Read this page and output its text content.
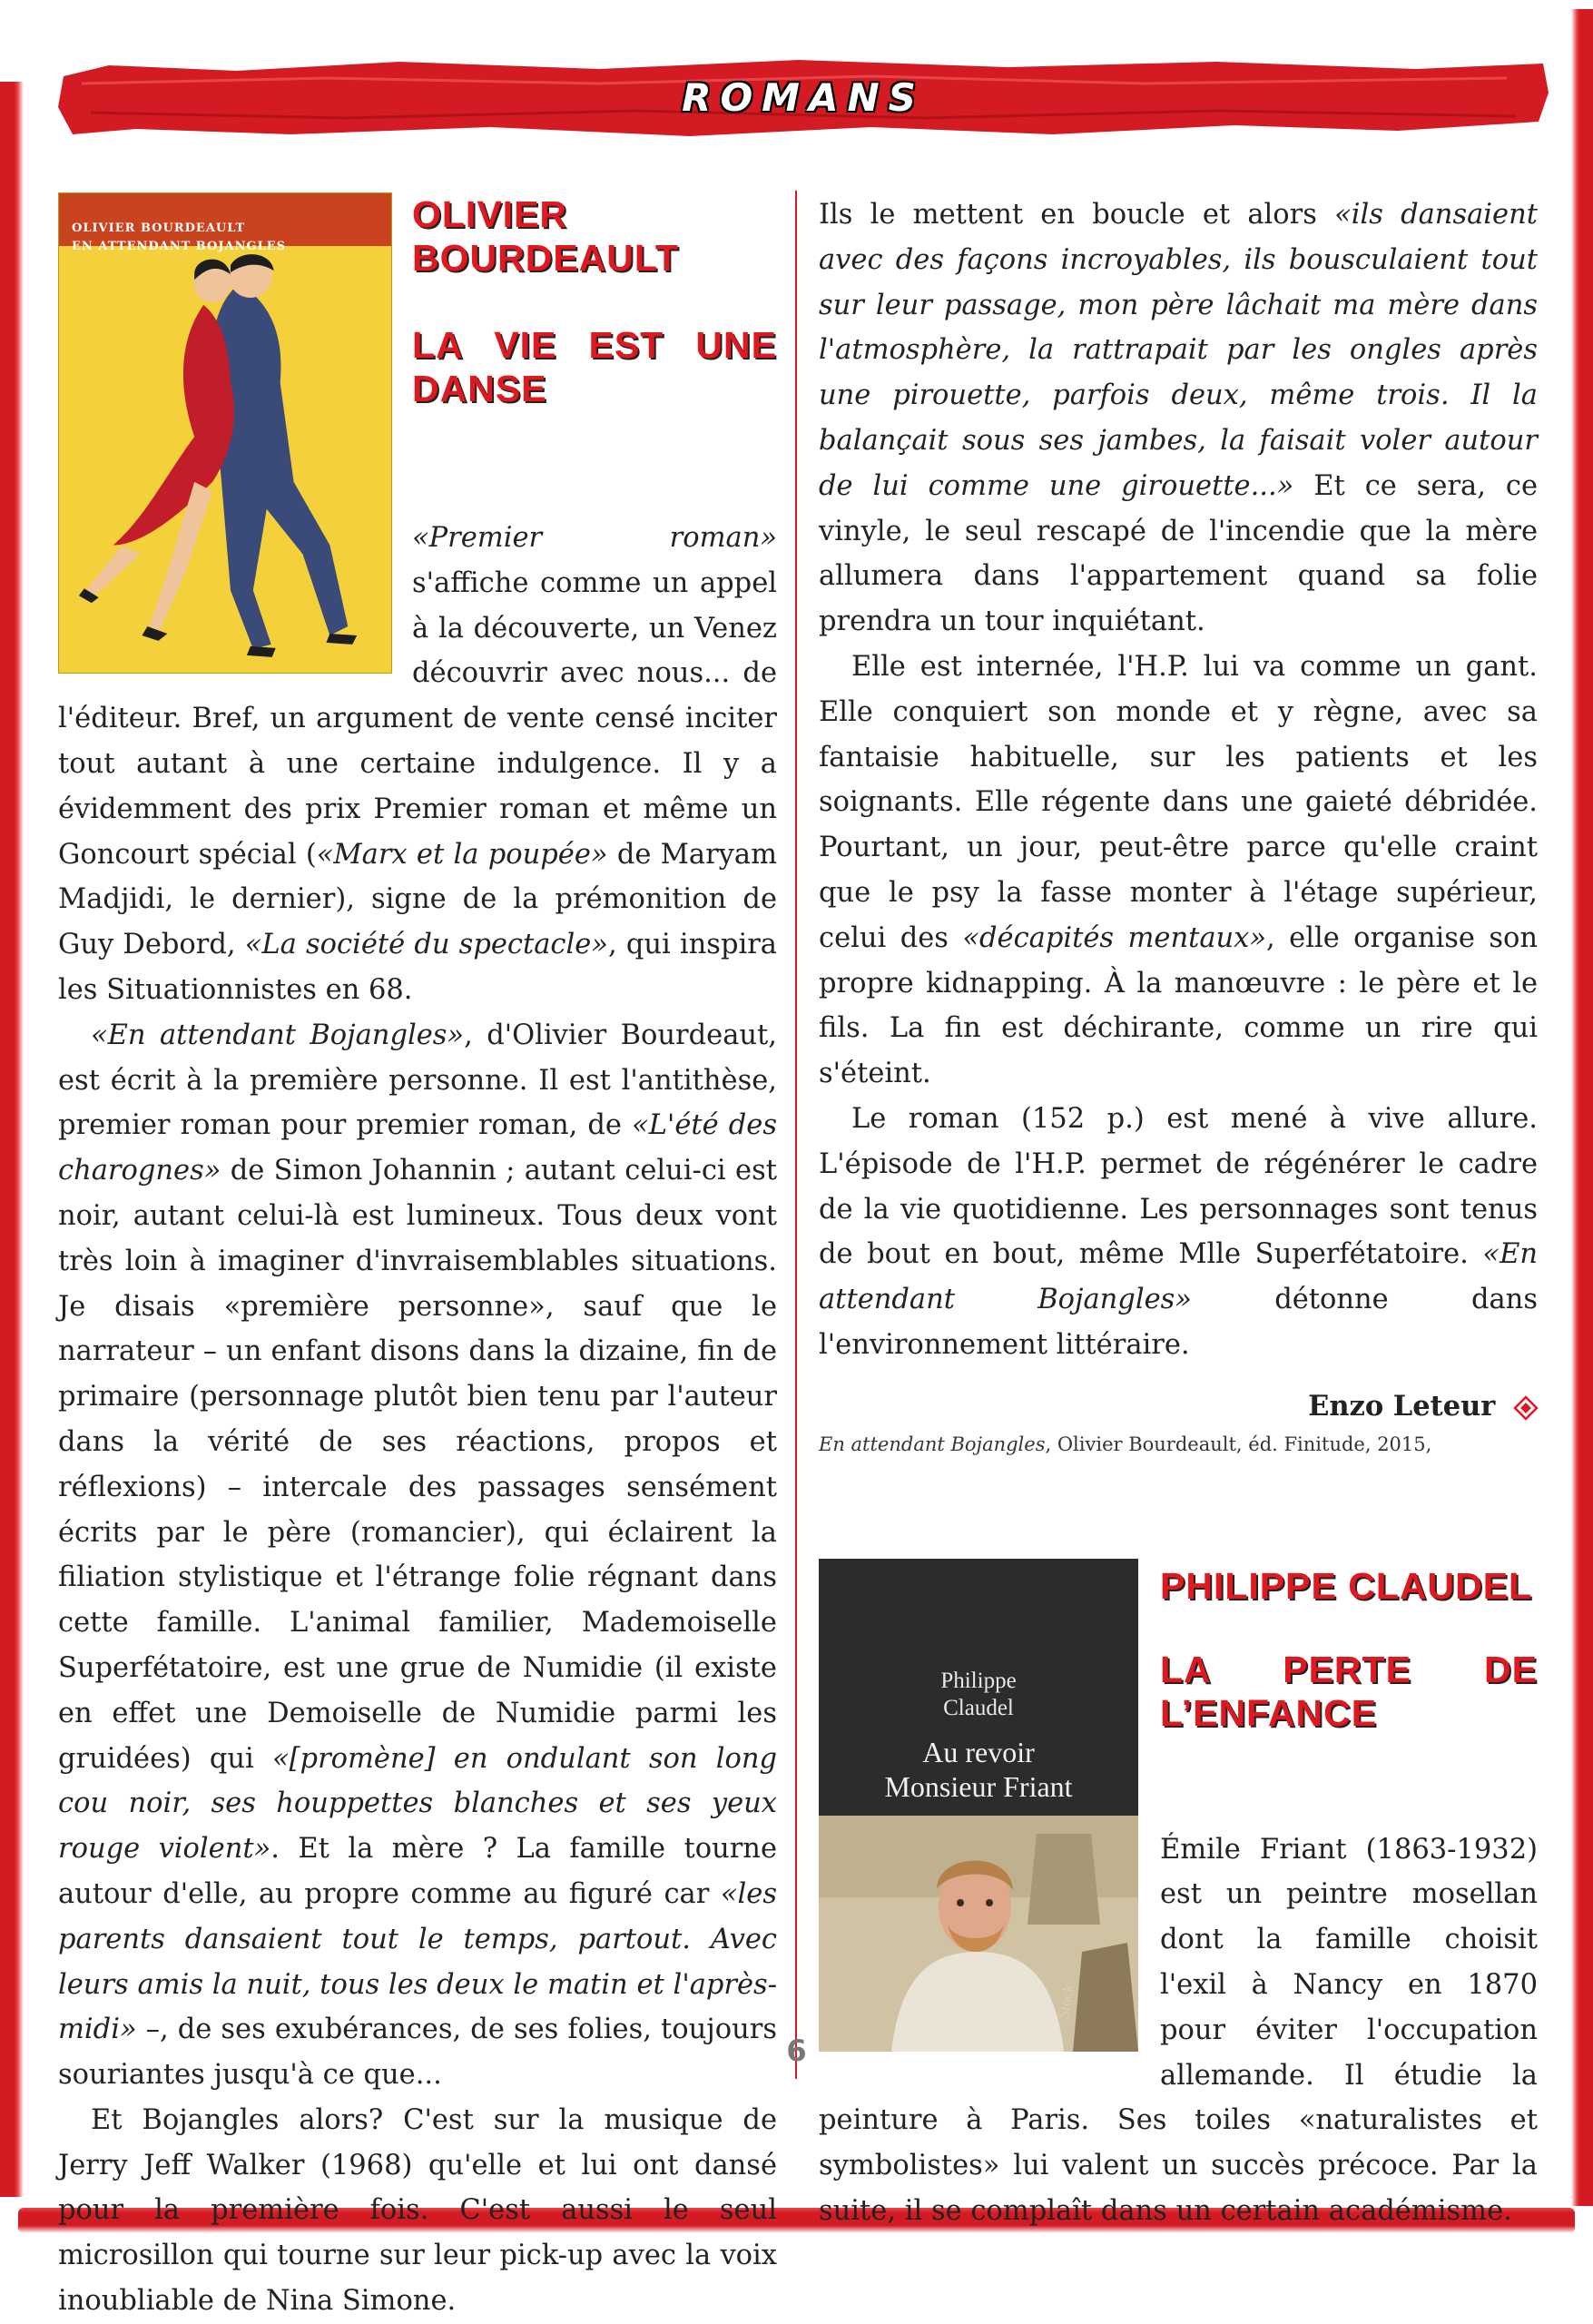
ROMANS
OLIVIER BOURDEAULT
EN ATTENDANT BOJANGLES
OLIVIER BOURDEAULT
LA VIE EST UNE DANSE

«Premier roman» s'affiche comme un appel à la découverte, un Venez découvrir avec nous... de l'éditeur. Bref, un argument de vente censé inciter tout autant à une certaine indulgence. Il y a évidemment des prix Premier roman et même un Goncourt spécial («Marx et la poupée» de Maryam Madjidi, le dernier), signe de la prémonition de Guy Debord, «La société du spectacle», qui inspira les Situationnistes en 68.

«En attendant Bojangles», d'Olivier Bourdeaut, est écrit à la première personne. Il est l'antithèse, premier roman pour premier roman, de «L'été des charognes» de Simon Johannin ; autant celui-ci est noir, autant celui-là est lumineux. Tous deux vont très loin à imaginer d'invraisemblables situations. Je disais «première personne», sauf que le narrateur – un enfant disons dans la dizaine, fin de primaire (personnage plutôt bien tenu par l'auteur dans la vérité de ses réactions, propos et réflexions) – intercale des passages sensément écrits par le père (romancier), qui éclairent la filiation stylistique et l'étrange folie régnant dans cette famille. L'animal familier, Mademoiselle Superfétatoire, est une grue de Numidie (il existe en effet une Demoiselle de Numidie parmi les gruidées) qui «[promène] en ondulant son long cou noir, ses houppettes blanches et ses yeux rouge violent». Et la mère ? La famille tourne autour d'elle, au propre comme au figuré car «les parents dansaient tout le temps, partout. Avec leurs amis la nuit, tous les deux le matin et l'après-midi» –, de ses exubérances, de ses folies, toujours souriantes jusqu'à ce que...

Et Bojangles alors? C'est sur la musique de Jerry Jeff Walker (1968) qu'elle et lui ont dansé pour la première fois. C'est aussi le seul microsillon qui tourne sur leur pick-up avec la voix inoubliable de Nina Simone.

Ils le mettent en boucle et alors «ils dansaient avec des façons incroyables, ils bousculaient tout sur leur passage, mon père lâchait ma mère dans l'atmosphère, la rattrapait par les ongles après une pirouette, parfois deux, même trois. Il la balançait sous ses jambes, la faisait voler autour de lui comme une girouette...» Et ce sera, ce vinyle, le seul rescapé de l'incendie que la mère allumera dans l'appartement quand sa folie prendra un tour inquiétant.

Elle est internée, l'H.P. lui va comme un gant. Elle conquiert son monde et y règne, avec sa fantaisie habituelle, sur les patients et les soignants. Elle régente dans une gaieté débridée. Pourtant, un jour, peut-être parce qu'elle craint que le psy la fasse monter à l'étage supérieur, celui des «décapités mentaux», elle organise son propre kidnapping. À la manœuvre : le père et le fils. La fin est déchirante, comme un rire qui s'éteint.

Le roman (152 p.) est mené à vive allure. L'épisode de l'H.P. permet de régénérer le cadre de la vie quotidienne. Les personnages sont tenus de bout en bout, même Mlle Superfétatoire. «En attendant Bojangles» détonne dans l'environnement littéraire.

Enzo Leteur

En attendant Bojangles, Olivier Bourdeault, éd. Finitude, 2015,

Philippe
Claudel
Au revoir
Monsieur Friant
Stock
PHILIPPE CLAUDEL
LA PERTE DE L’ENFANCE

Émile Friant (1863-1932) est un peintre mosellan dont la famille choisit l'exil à Nancy en 1870 pour éviter l'occupation allemande. Il étudie la peinture à Paris. Ses toiles «naturalistes et symbolistes» lui valent un succès précoce. Par la suite, il se complaît dans un certain académisme.

6
